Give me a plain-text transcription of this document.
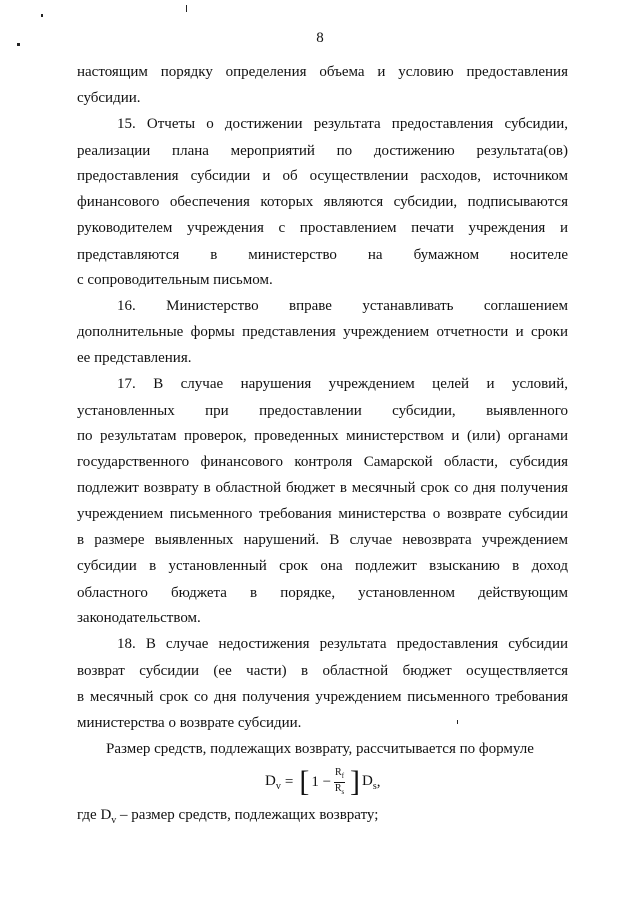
8
настоящим порядку определения объема и условию предоставления
субсидии.
15. Отчеты о достижении результата предоставления субсидии,
реализации плана мероприятий по достижению результата(ов)
предоставления субсидии и об осуществлении расходов, источником
финансового обеспечения которых являются субсидии, подписываются
руководителем учреждения с проставлением печати учреждения и
представляются в министерство на бумажном носителе
с сопроводительным письмом.
16. Министерство вправе устанавливать соглашением
дополнительные формы представления учреждением отчетности и сроки
ее представления.
17. В случае нарушения учреждением целей и условий,
установленных при предоставлении субсидии, выявленного
по результатам проверок, проведенных министерством и (или) органами
государственного финансового контроля Самарской области, субсидия
подлежит возврату в областной бюджет в месячный срок со дня получения
учреждением письменного требования министерства о возврате субсидии
в размере выявленных нарушений. В случае невозврата учреждением
субсидии в установленный срок она подлежит взысканию в доход
областного бюджета в порядке, установленном действующим
законодательством.
18. В случае недостижения результата предоставления субсидии
возврат субсидии (ее части) в областной бюджет осуществляется
в месячный срок со дня получения учреждением письменного требования
министерства о возврате субсидии.
Размер средств, подлежащих возврату, рассчитывается по формуле
$D_v$ = [ $1 - \frac{R_f}{R_s}$ ] $D_s$ ,
где $D_v$ – размер средств, подлежащих возврату;
